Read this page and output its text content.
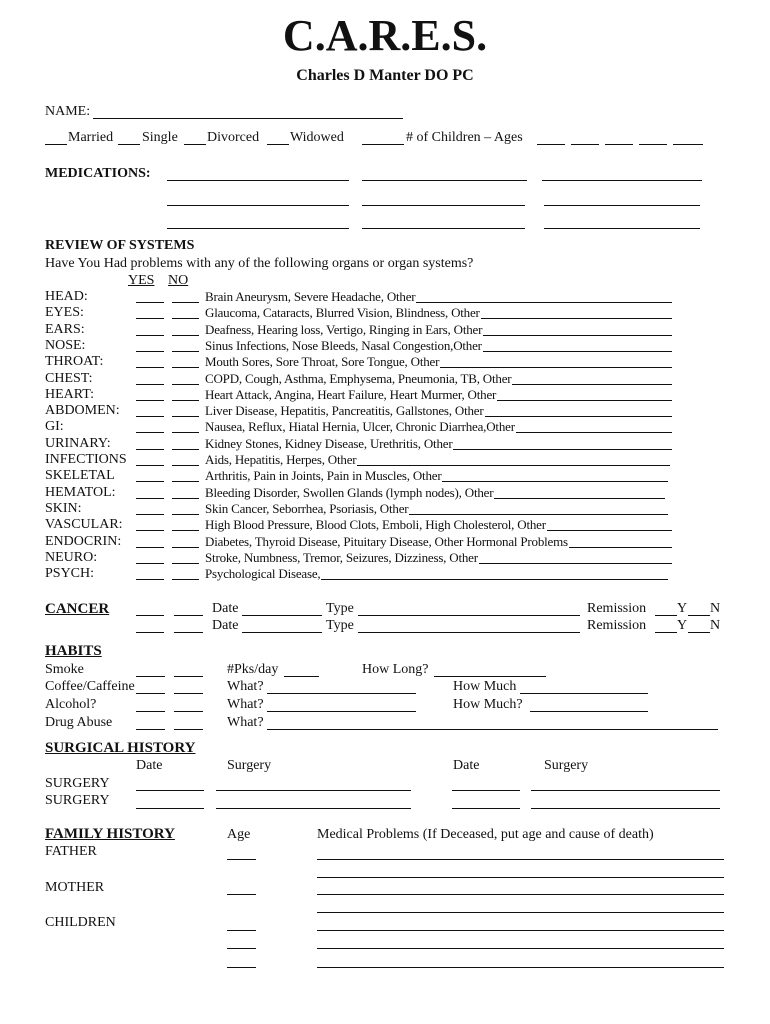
C.A.R.E.S.
Charles D Manter DO PC
NAME:
Married Single Divorced Widowed	# of Children – Ages
MEDICATIONS:
REVIEW OF SYSTEMS
Have You Had problems with any of the following organs or organ systems?
YES NO
HEAD:	Brain Aneurysm, Severe Headache, Other
EYES:	Glaucoma, Cataracts, Blurred Vision, Blindness, Other
EARS:	Deafness, Hearing loss, Vertigo, Ringing in Ears, Other
NOSE:	Sinus Infections, Nose Bleeds, Nasal Congestion,Other
THROAT:	Mouth Sores, Sore Throat, Sore Tongue, Other
CHEST:	COPD, Cough, Asthma, Emphysema, Pneumonia, TB, Other
HEART:	Heart Attack, Angina, Heart Failure, Heart Murmer, Other
ABDOMEN:	Liver Disease, Hepatitis, Pancreatitis, Gallstones, Other
GI:	Nausea, Reflux, Hiatal Hernia, Ulcer, Chronic Diarrhea,Other
URINARY:	Kidney Stones, Kidney Disease, Urethritis, Other
INFECTIONS	Aids, Hepatitis, Herpes, Other
SKELETAL	Arthritis, Pain in Joints, Pain in Muscles, Other
HEMATOL:	Bleeding Disorder, Swollen Glands (lymph nodes), Other
SKIN:	Skin Cancer, Seborrhea, Psoriasis, Other
VASCULAR:	High Blood Pressure, Blood Clots, Emboli, High Cholesterol, Other
ENDOCRIN:	Diabetes, Thyroid Disease, Pituitary Disease, Other Hormonal Problems
NEURO:	Stroke, Numbness, Tremor, Seizures, Dizziness, Other
PSYCH:	Psychological Disease,
CANCER	Date	Type	Remission Y N
Date	Type	Remission Y N
HABITS
Smoke	#Pks/day	How Long?
Coffee/Caffeine	What?	How Much
Alcohol?	What?	How Much?
Drug Abuse	What?
SURGICAL HISTORY
Date	Surgery	Date	Surgery
SURGERY
SURGERY
FAMILY HISTORY	Age	Medical Problems (If Deceased, put age and cause of death)
FATHER
MOTHER
CHILDREN
